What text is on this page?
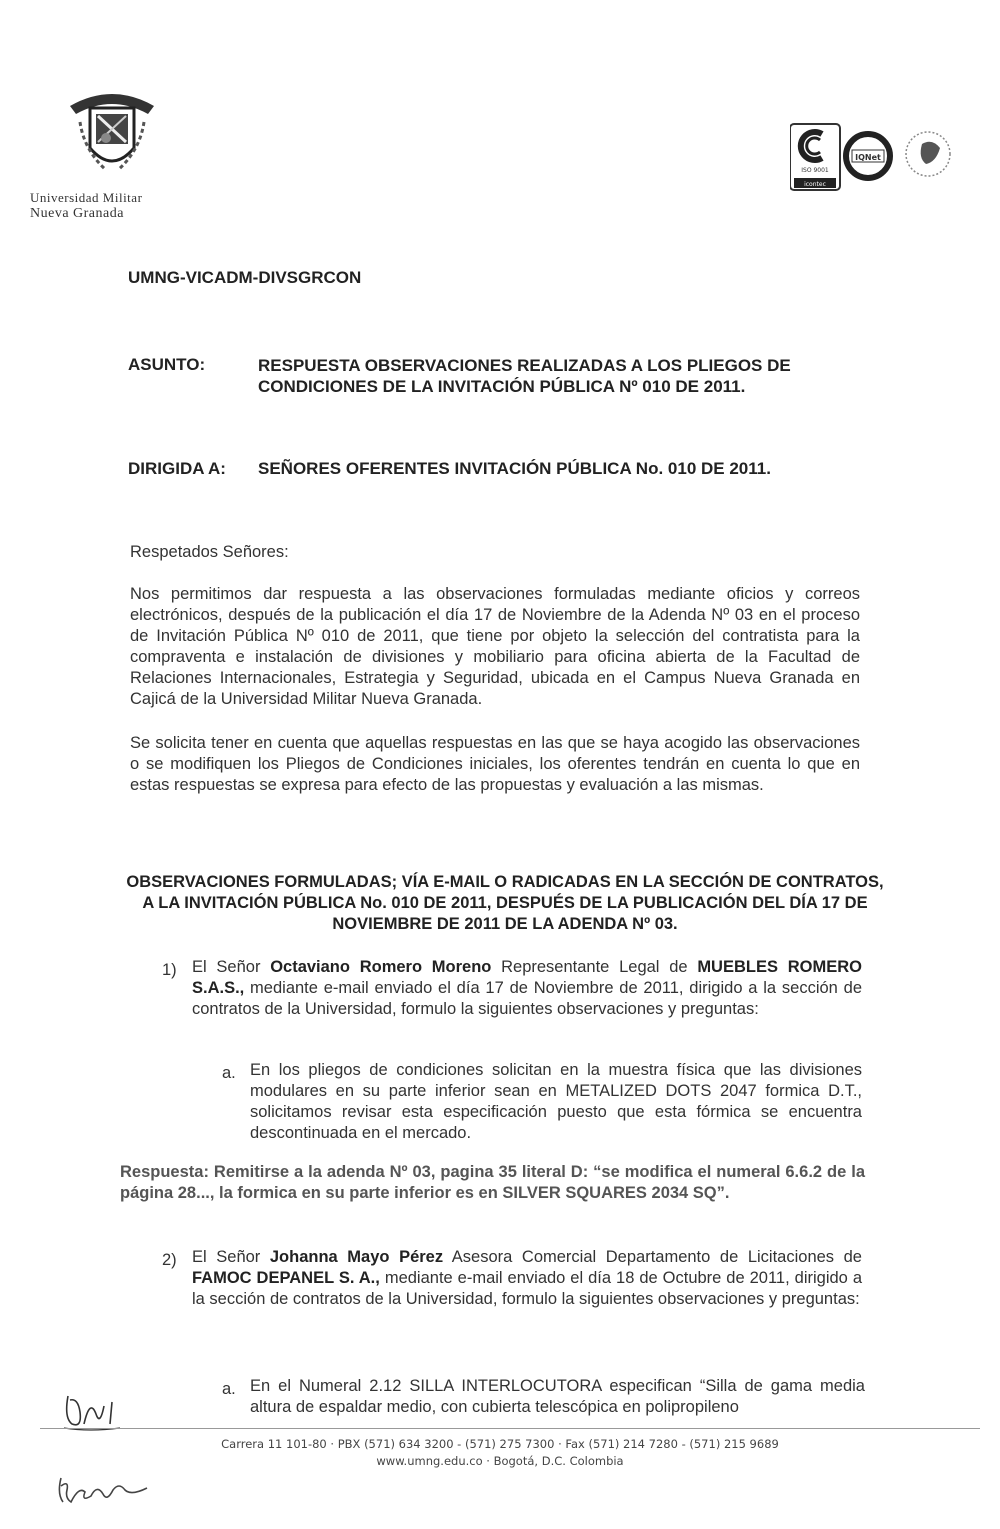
Universidad Militar
Nueva Granada
ISO 9001
icontec
IQNet
UMNG-VICADM-DIVSGRCON
ASUNTO:	RESPUESTA OBSERVACIONES REALIZADAS A LOS PLIEGOS DE CONDICIONES DE LA INVITACIÓN PÚBLICA Nº 010 DE 2011.
DIRIGIDA A: SEÑORES OFERENTES INVITACIÓN PÚBLICA No. 010 DE 2011.
Respetados Señores:
Nos permitimos dar respuesta a las observaciones formuladas mediante oficios y correos electrónicos, después de la publicación el día 17 de Noviembre de la Adenda Nº 03 en el proceso de Invitación Pública Nº 010 de 2011, que tiene por objeto la selección del contratista para la compraventa e instalación de divisiones y mobiliario para oficina abierta de la Facultad de Relaciones Internacionales, Estrategia y Seguridad, ubicada en el Campus Nueva Granada en Cajicá de la Universidad Militar Nueva Granada.
Se solicita tener en cuenta que aquellas respuestas en las que se haya acogido las observaciones o se modifiquen los Pliegos de Condiciones iniciales, los oferentes tendrán en cuenta lo que en estas respuestas se expresa para efecto de las propuestas y evaluación a las mismas.
OBSERVACIONES FORMULADAS; VÍA E-MAIL O RADICADAS EN LA SECCIÓN DE CONTRATOS, A LA INVITACIÓN PÚBLICA No. 010 DE 2011, DESPUÉS DE LA PUBLICACIÓN DEL DÍA 17 DE NOVIEMBRE DE 2011 DE LA ADENDA Nº 03.
1) El Señor Octaviano Romero Moreno Representante Legal de MUEBLES ROMERO S.A.S., mediante e-mail enviado el día 17 de Noviembre de 2011, dirigido a la sección de contratos de la Universidad, formulo la siguientes observaciones y preguntas:
a. En los pliegos de condiciones solicitan en la muestra física que las divisiones modulares en su parte inferior sean en METALIZED DOTS 2047 formica D.T., solicitamos revisar esta especificación puesto que esta fórmica se encuentra descontinuada en el mercado.
Respuesta: Remitirse a la adenda Nº 03, pagina 35 literal D: “se modifica el numeral 6.6.2 de la página 28..., la formica en su parte inferior es en SILVER SQUARES 2034 SQ”.
2) El Señor Johanna Mayo Pérez Asesora Comercial Departamento de Licitaciones de FAMOC DEPANEL S. A., mediante e-mail enviado el día 18 de Octubre de 2011, dirigido a la sección de contratos de la Universidad, formulo la siguientes observaciones y preguntas:
a. En el Numeral 2.12 SILLA INTERLOCUTORA especifican “Silla de gama media altura de espaldar medio, con cubierta telescópica en polipropileno
Carrera 11 101-80 · PBX (571) 634 3200 - (571) 275 7300 · Fax (571) 214 7280 - (571) 215 9689
www.umng.edu.co · Bogotá, D.C. Colombia
